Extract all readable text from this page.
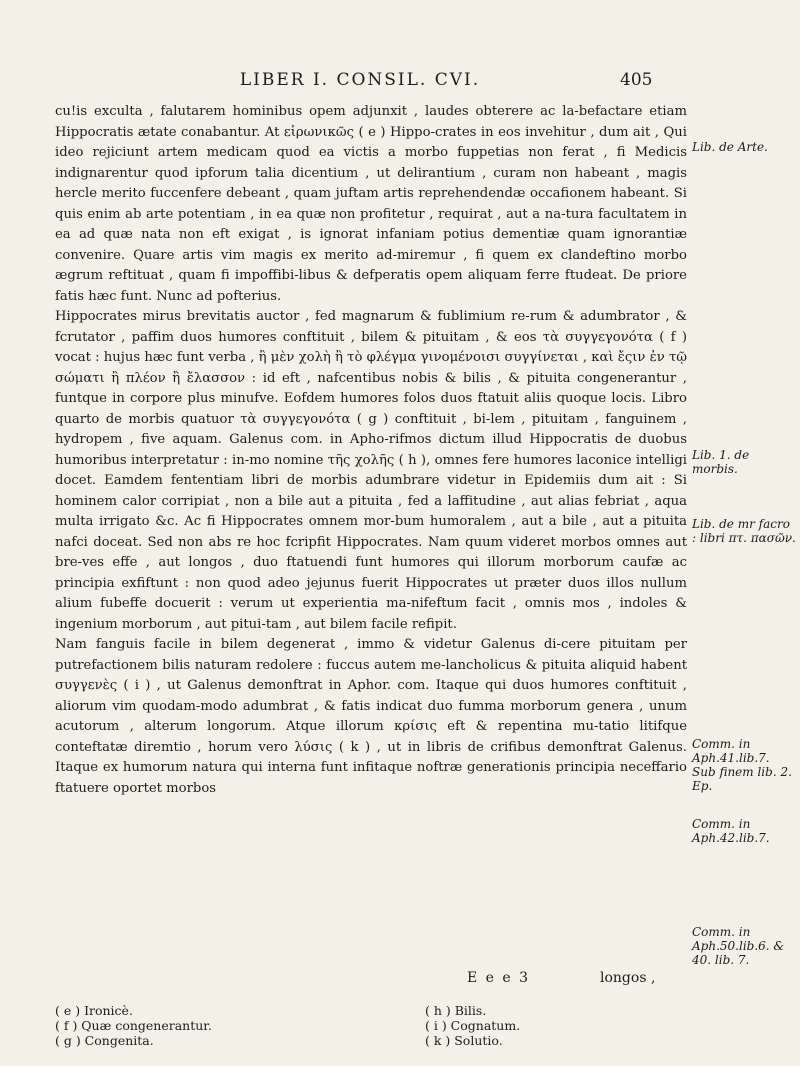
LIBER I. CONSIL. CVI.	405

cu!is exculta , falutarem hominibus opem adjunxit , laudes obterere ac la-befactare etiam Hippocratis ætate conabantur. At εἰρωνικῶς ( e ) Hippo-crates in eos invehitur , dum ait , Qui ideo rejiciunt artem medicam quod ea victis a morbo fuppetias non ferat , fi Medicis indignarentur quod ipforum talia dicentium , ut delirantium , curam non habeant , magis hercle merito fuccenfere debeant , quam juftam artis reprehendendæ occafionem habeant. Si quis enim ab arte potentiam , in ea quæ non profitetur , requirat , aut a na-tura facultatem in ea ad quæ nata non eft exigat , is ignorat infaniam potius dementiæ quam ignorantiæ convenire. Quare artis vim magis ex merito ad-miremur , fi quem ex clandeftino morbo ægrum reftituat , quam fi impoffibi-libus & defperatis opem aliquam ferre ftudeat. De priore fatis hæc funt. Nunc ad pofterius.

Hippocrates mirus brevitatis auctor , fed magnarum & fublimium re-rum & adumbrator , & fcrutator , paffim duos humores conftituit , bilem & pituitam , & eos τὰ συγγεγονότα ( f ) vocat : hujus hæc funt verba , ἢ μὲν χολὴ ἢ τὸ φλέγμα γινομένοισι συγγίνεται , καὶ ἔςιν ἐν τῷ σώματι ἢ πλέον ἢ ἔλασσον : id eft , nafcentibus nobis & bilis , & pituita congenerantur , funtque in corpore plus minufve. Eofdem humores folos duos ftatuit aliis quoque locis. Libro quarto de morbis quatuor τὰ συγγεγονότα ( g ) conftituit , bi-lem , pituitam , fanguinem , hydropem , five aquam. Galenus com. in Apho-rifmos dictum illud Hippocratis de duobus humoribus interpretatur : in-mo nomine τῆς χολῆς ( h ), omnes fere humores laconice intelligi docet. Eamdem fententiam libri de morbis adumbrare videtur in Epidemiis dum ait : Si hominem calor corripiat , non a bile aut a pituita , fed a laffitudine , aut alias febriat , aqua multa irrigato &c. Ac fi Hippocrates omnem mor-bum humoralem , aut a bile , aut a pituita nafci doceat. Sed non abs re hoc fcripfit Hippocrates. Nam quum videret morbos omnes aut bre-ves effe , aut longos , duo ftatuendi funt humores qui illorum morborum caufæ ac principia exfiftunt : non quod adeo jejunus fuerit Hippocrates ut præter duos illos nullum alium fubeffe docuerit : verum ut experientia ma-nifeftum facit , omnis mos , indoles & ingenium morborum , aut pitui-tam , aut bilem facile refipit.

Nam fanguis facile in bilem degenerat , immo & videtur Galenus di-cere pituitam per putrefactionem bilis naturam redolere : fuccus autem me-lancholicus & pituita aliquid habent συγγενὲς ( i ) , ut Galenus demonftrat in Aphor. com. Itaque qui duos humores conftituit , aliorum vim quodam-modo adumbrat , & fatis indicat duo fumma morborum genera , unum acutorum , alterum longorum. Atque illorum κρίσις eft & repentina mu-tatio litifque conteftatæ diremtio , horum vero λύσις ( k ) , ut in libris de crifibus demonftrat Galenus. Itaque ex humorum natura qui interna funt infitaque noftræ generationis principia neceffario ftatuere oportet morbos

Lib. de Arte.
Lib. 1. de morbis.
Lib. de mr facro : libri πτ. πασῶν.
Comm. in Aph.41.lib.7. Sub finem lib. 2. Ep.
Comm. in Aph.42.lib.7.
Comm. in Aph.50.lib.6. & 40. lib. 7.
E e e 3	longos ,
( e ) Ironicè.
( f ) Quæ congenerantur.
( g ) Congenita.
( h ) Bilis.
( i ) Cognatum.
( k ) Solutio.
